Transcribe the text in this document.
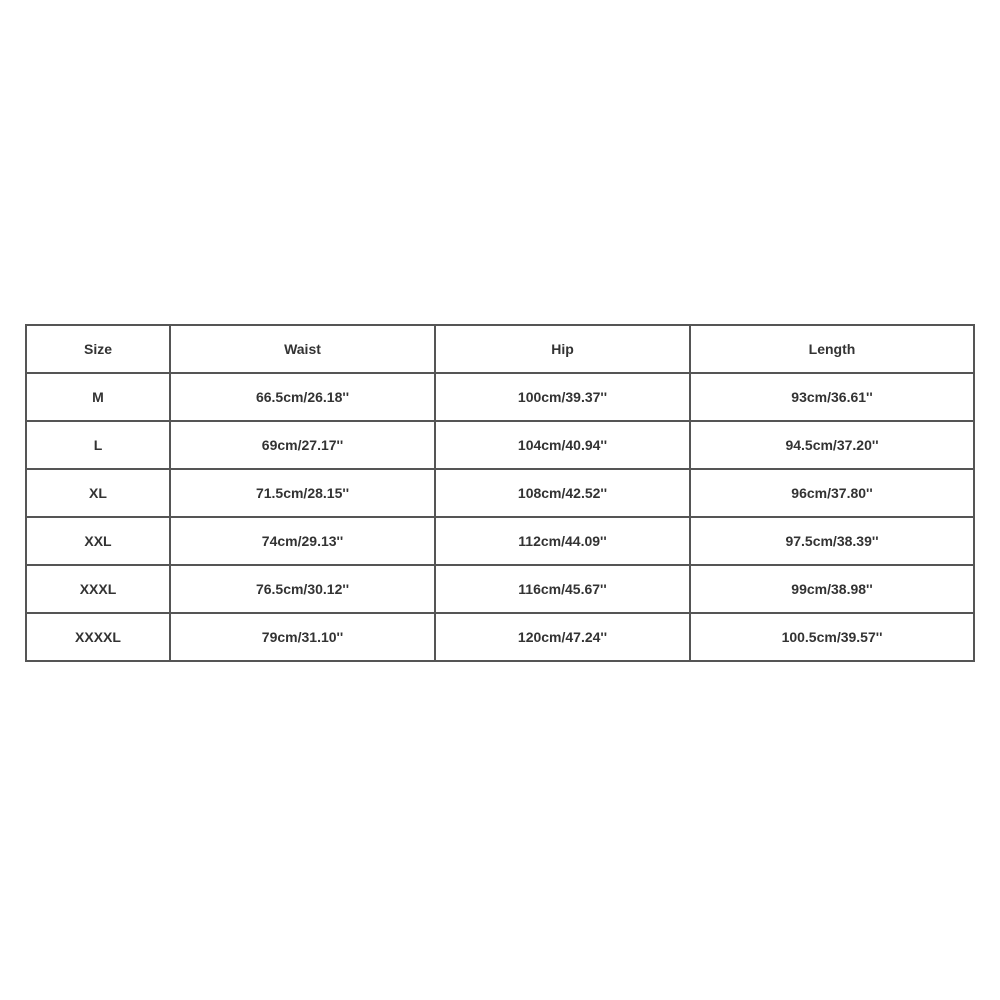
Size	Waist	Hip	Length
M	66.5cm/26.18''	100cm/39.37''	93cm/36.61''
L	69cm/27.17''	104cm/40.94''	94.5cm/37.20''
XL	71.5cm/28.15''	108cm/42.52''	96cm/37.80''
XXL	74cm/29.13''	112cm/44.09''	97.5cm/38.39''
XXXL	76.5cm/30.12''	116cm/45.67''	99cm/38.98''
XXXXL	79cm/31.10''	120cm/47.24''	100.5cm/39.57''
